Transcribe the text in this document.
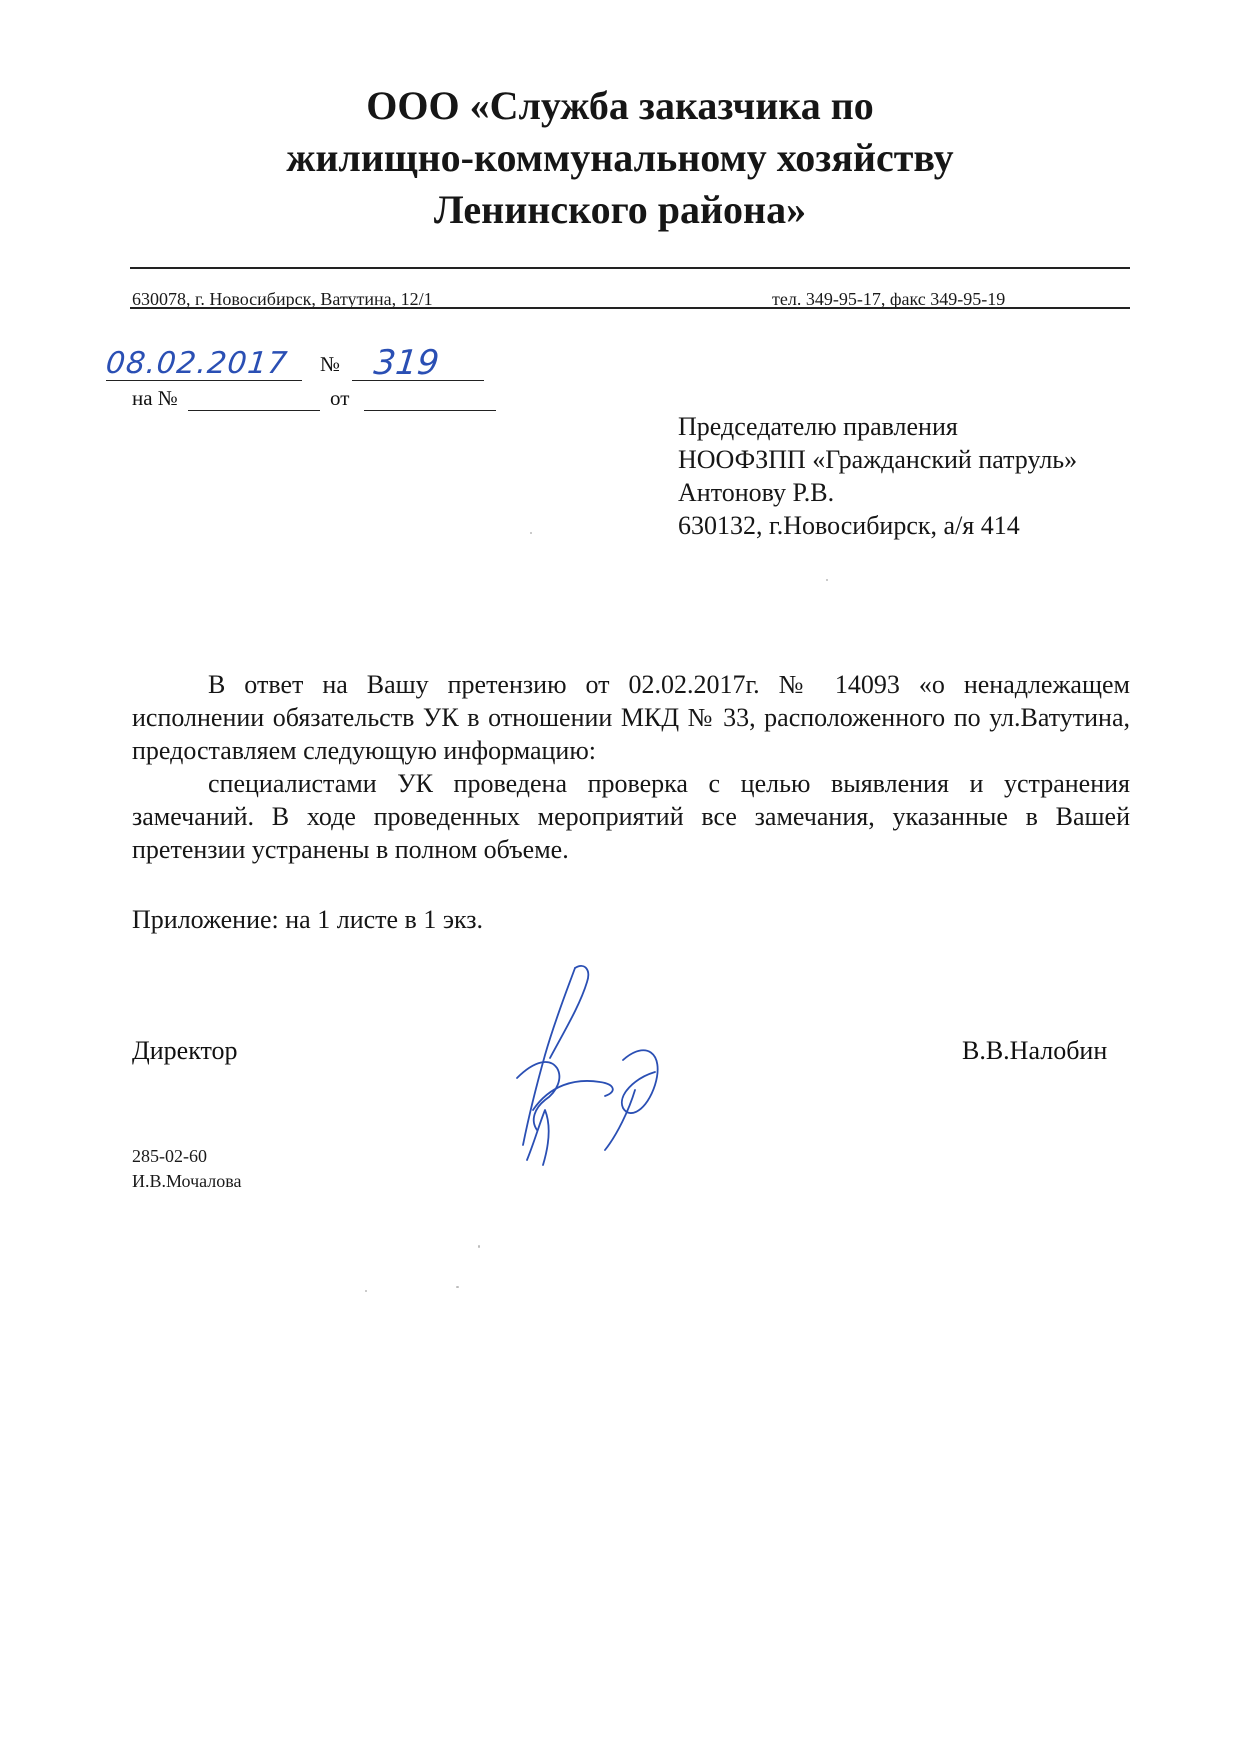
ООО «Служба заказчика по
жилищно-коммунальному хозяйству
Ленинского района»
630078, г. Новосибирск, Ватутина, 12/1	тел. 349-95-17, факс 349-95-19
08.02.2017 № 319
на №	от
Председателю правления
НООФЗПП «Гражданский патруль»
Антонову Р.В.
630132, г.Новосибирск, а/я 414

В ответ на Вашу претензию от 02.02.2017г. № 14093 «о ненадлежащем исполнении обязательств УК в отношении МКД № 33, расположенного по ул.Ватутина, предоставляем следующую информацию:

специалистами УК проведена проверка с целью выявления и устранения замечаний. В ходе проведенных мероприятий все замечания, указанные в Вашей претензии устранены в полном объеме.

Приложение: на 1 листе в 1 экз.
Директор	В.В.Налобин
285-02-60
И.В.Мочалова
